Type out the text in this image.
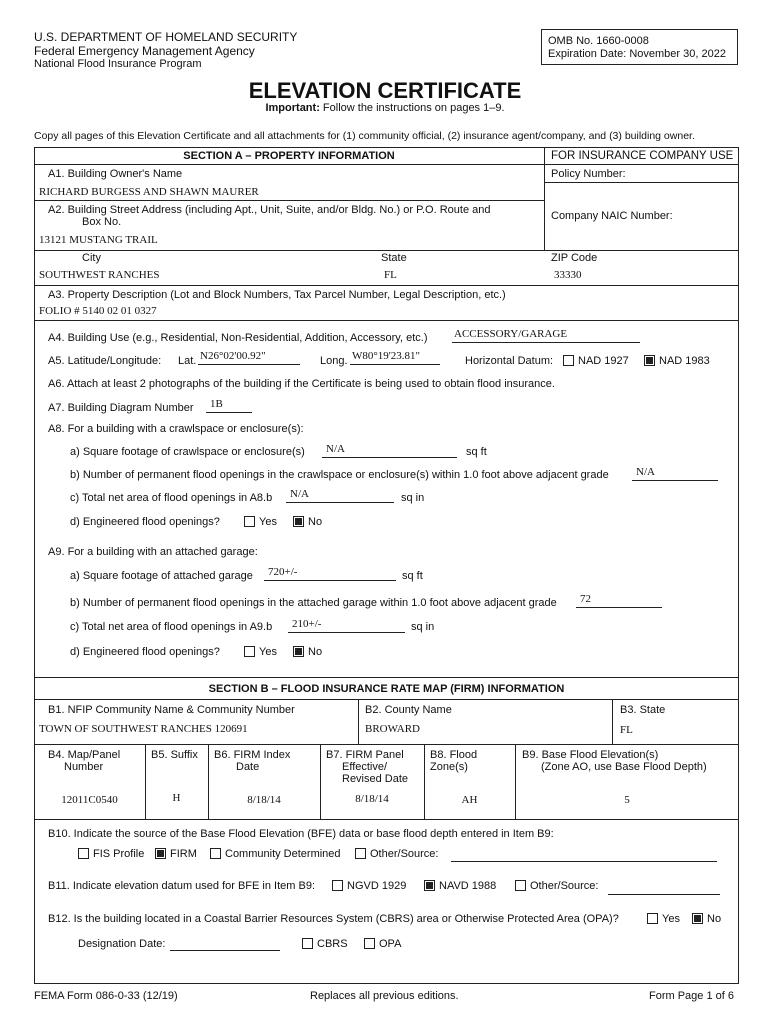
U.S. DEPARTMENT OF HOMELAND SECURITY
Federal Emergency Management Agency
National Flood Insurance Program
OMB No. 1660-0008
Expiration Date: November 30, 2022
ELEVATION CERTIFICATE
Important: Follow the instructions on pages 1–9.
Copy all pages of this Elevation Certificate and all attachments for (1) community official, (2) insurance agent/company, and (3) building owner.
SECTION A – PROPERTY INFORMATION	FOR INSURANCE COMPANY USE
Policy Number:
Company NAIC Number:
A1. Building Owner's Name
RICHARD BURGESS AND SHAWN MAURER
A2. Building Street Address (including Apt., Unit, Suite, and/or Bldg. No.) or P.O. Route and
Box No.
13121 MUSTANG TRAIL
City
SOUTHWEST RANCHES
State
FL
ZIP Code
33330
A3. Property Description (Lot and Block Numbers, Tax Parcel Number, Legal Description, etc.)
FOLIO # 5140 02 01 0327
A4. Building Use (e.g., Residential, Non-Residential, Addition, Accessory, etc.) ACCESSORY/GARAGE
A5. Latitude/Longitude: Lat. N26°02'00.92"	Long. W80°19'23.81"	Horizontal Datum:	NAD 1927	NAD 1983
A6. Attach at least 2 photographs of the building if the Certificate is being used to obtain flood insurance.
A7. Building Diagram Number 1B
A8. For a building with a crawlspace or enclosure(s):
a) Square footage of crawlspace or enclosure(s) N/A	sq ft
b) Number of permanent flood openings in the crawlspace or enclosure(s) within 1.0 foot above adjacent grade N/A
c) Total net area of flood openings in A8.b N/A	sq in
d) Engineered flood openings?	Yes	No
A9. For a building with an attached garage:
a) Square footage of attached garage 720+/-	sq ft
b) Number of permanent flood openings in the attached garage within 1.0 foot above adjacent grade 72
c) Total net area of flood openings in A9.b 210+/-	sq in
d) Engineered flood openings?	Yes	No
SECTION B – FLOOD INSURANCE RATE MAP (FIRM) INFORMATION
B1. NFIP Community Name & Community Number
TOWN OF SOUTHWEST RANCHES 120691
B2. County Name
BROWARD
B3. State
FL
B4. Map/Panel
Number
12011C0540
B5. Suffix
H
B6. FIRM Index
Date
8/18/14
B7. FIRM Panel
Effective/
Revised Date
8/18/14
B8. Flood
Zone(s)
AH
B9. Base Flood Elevation(s)
(Zone AO, use Base Flood Depth)
5
B10. Indicate the source of the Base Flood Elevation (BFE) data or base flood depth entered in Item B9:
FIS Profile	FIRM	Community Determined	Other/Source:
B11. Indicate elevation datum used for BFE in Item B9:	NGVD 1929	NAVD 1988	Other/Source:
B12. Is the building located in a Coastal Barrier Resources System (CBRS) area or Otherwise Protected Area (OPA)?	Yes	No
Designation Date:	CBRS	OPA
FEMA Form 086-0-33 (12/19)	Replaces all previous editions.	Form Page 1 of 6
